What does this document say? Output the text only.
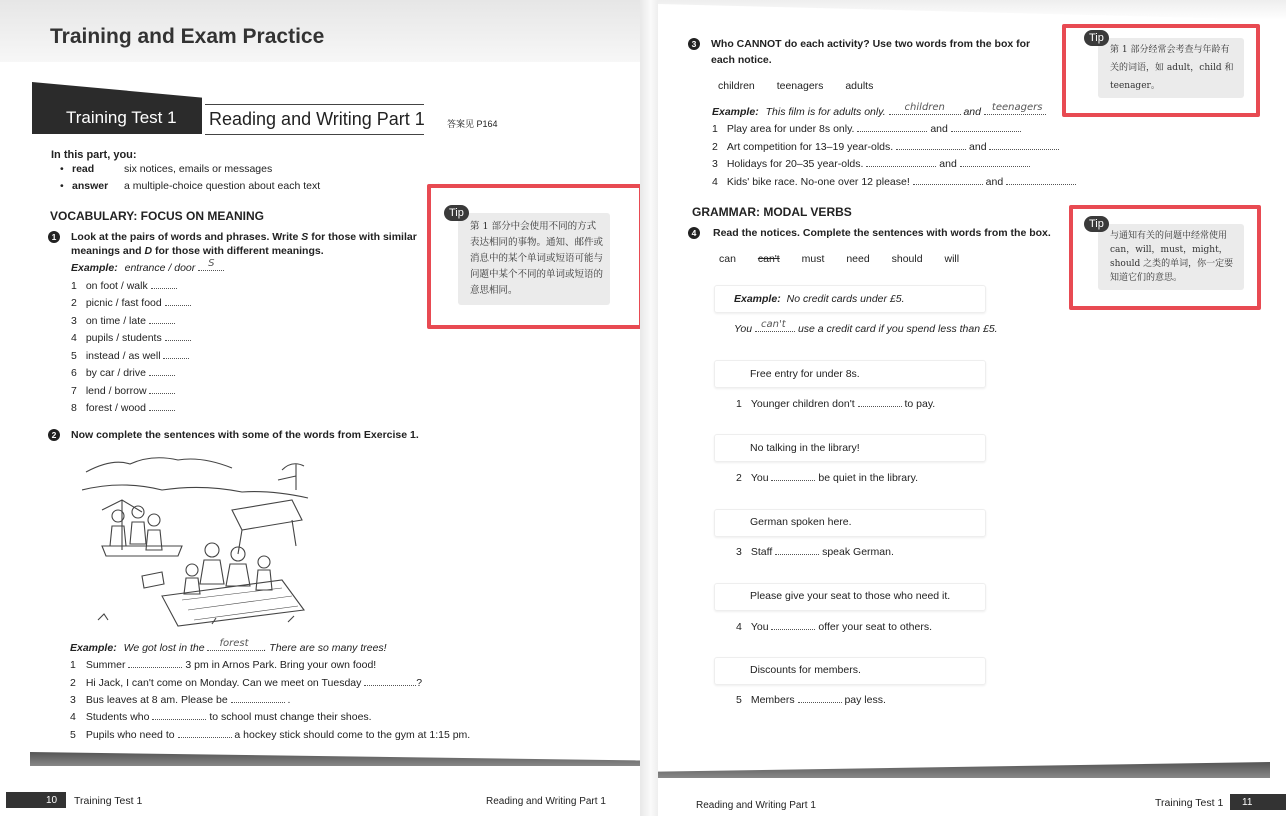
Training and Exam Practice
Training Test 1 Reading and Writing Part 1 答案见 P164
In this part, you:
• read	six notices, emails or messages
• answer a multiple-choice question about each text
VOCABULARY: FOCUS ON MEANING
1	Look at the pairs of words and phrases. Write S for those with similar
meanings and D for those with different meanings.
Example: entrance / door S
1 on foot / walk
2 picnic / fast food
3 on time / late
4 pupils / students
5 instead / as well
6 by car / drive
7 lend / borrow
8 forest / wood
Tip
第 1 部分中会使用不同的方式表达相同的事物。通知、邮件或消息中的某个单词或短语可能与问题中某个不同的单词或短语的意思相同。
2	Now complete the sentences with some of the words from Exercise 1.
Example: We got lost in the forest . There are so many trees!
1 Summer	3 pm in Arnos Park. Bring your own food!
2 Hi Jack, I can't come on Monday. Can we meet on Tuesday	?
3 Bus leaves at 8 am. Please be	.
4 Students who	to school must change their shoes.
5 Pupils who need to	a hockey stick should come to the gym at 1:15 pm.
10 Training Test 1	Reading and Writing Part 1
3	Who CANNOT do each activity? Use two words from the box for
each notice.
children teenagers adults
Example: This film is for adults only. children and teenagers
1 Play area for under 8s only.	and
2 Art competition for 13–19 year-olds.	and
3 Holidays for 20–35 year-olds.	and
4 Kids' bike race. No-one over 12 please!	and
Tip
第 1 部分经常会考查与年龄有关的词语，如 adult，child 和 teenager。
GRAMMAR: MODAL VERBS
4	Read the notices. Complete the sentences with words from the box.
can can't must need should will
Example: No credit cards under £5.
You can't use a credit card if you spend less than £5.
Free entry for under 8s.
1 Younger children don't	to pay.
No talking in the library!
2 You	be quiet in the library.
German spoken here.
3 Staff	speak German.
Please give your seat to those who need it.
4 You	offer your seat to others.
Discounts for members.
5 Members	pay less.
Tip
与通知有关的问题中经常使用 can，will，must，might，should 之类的单词，你一定要知道它们的意思。
Reading and Writing Part 1	Training Test 1 11
